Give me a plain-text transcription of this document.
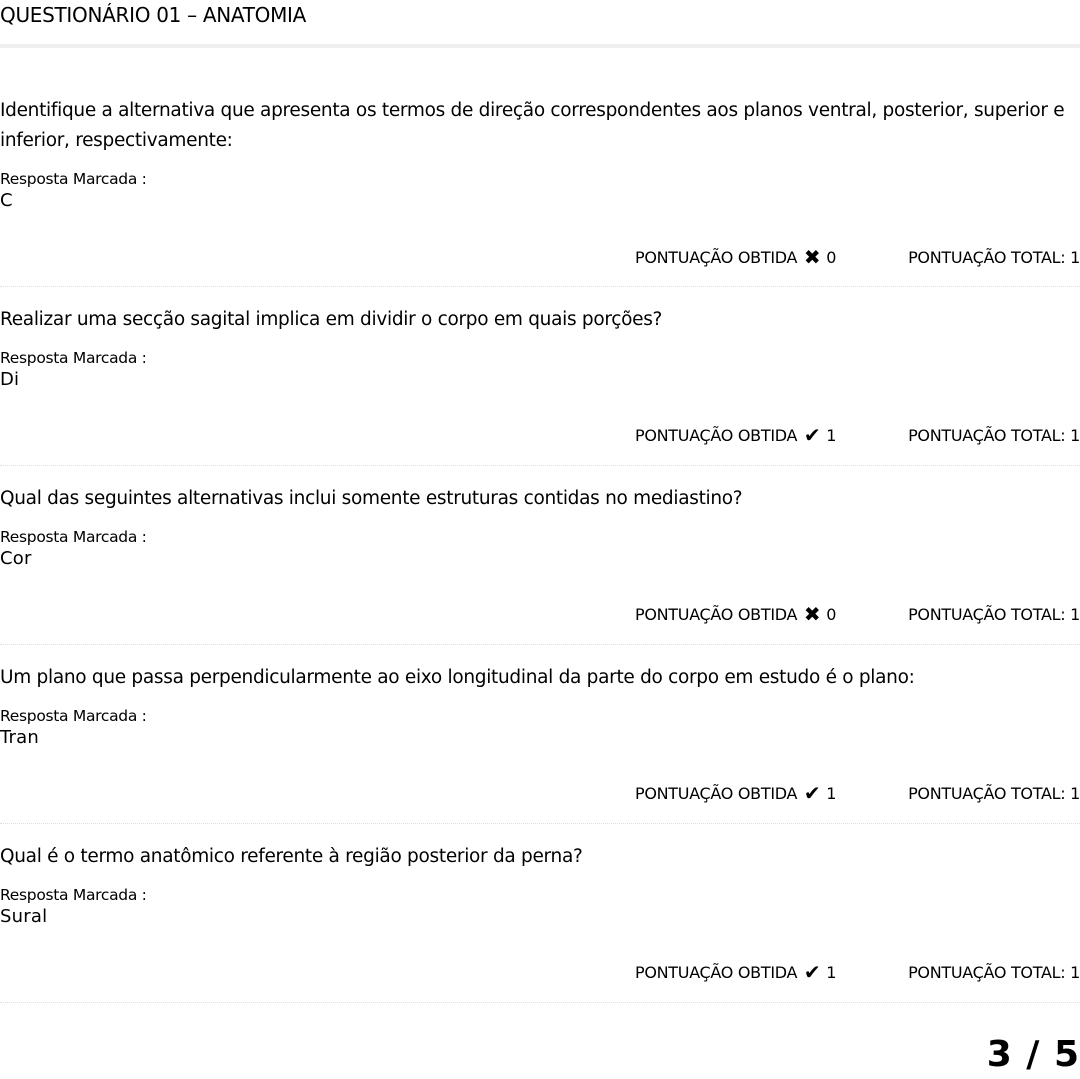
QUESTIONÁRIO 01 – ANATOMIA

Identifique a alternativa que apresenta os termos de direção correspondentes aos planos ventral, posterior, superior e inferior, respectivamente:

Resposta Marcada :
C
PONTUAÇÃO OBTIDA ✖ 0	PONTUAÇÃO TOTAL: 1

Realizar uma secção sagital implica em dividir o corpo em quais porções?

Resposta Marcada :
Di
PONTUAÇÃO OBTIDA ✔ 1	PONTUAÇÃO TOTAL: 1

Qual das seguintes alternativas inclui somente estruturas contidas no mediastino?

Resposta Marcada :
Cor
PONTUAÇÃO OBTIDA ✖ 0	PONTUAÇÃO TOTAL: 1

Um plano que passa perpendicularmente ao eixo longitudinal da parte do corpo em estudo é o plano:

Resposta Marcada :
Tran
PONTUAÇÃO OBTIDA ✔ 1	PONTUAÇÃO TOTAL: 1

Qual é o termo anatômico referente à região posterior da perna?

Resposta Marcada :
Sural
PONTUAÇÃO OBTIDA ✔ 1	PONTUAÇÃO TOTAL: 1
3 / 5
